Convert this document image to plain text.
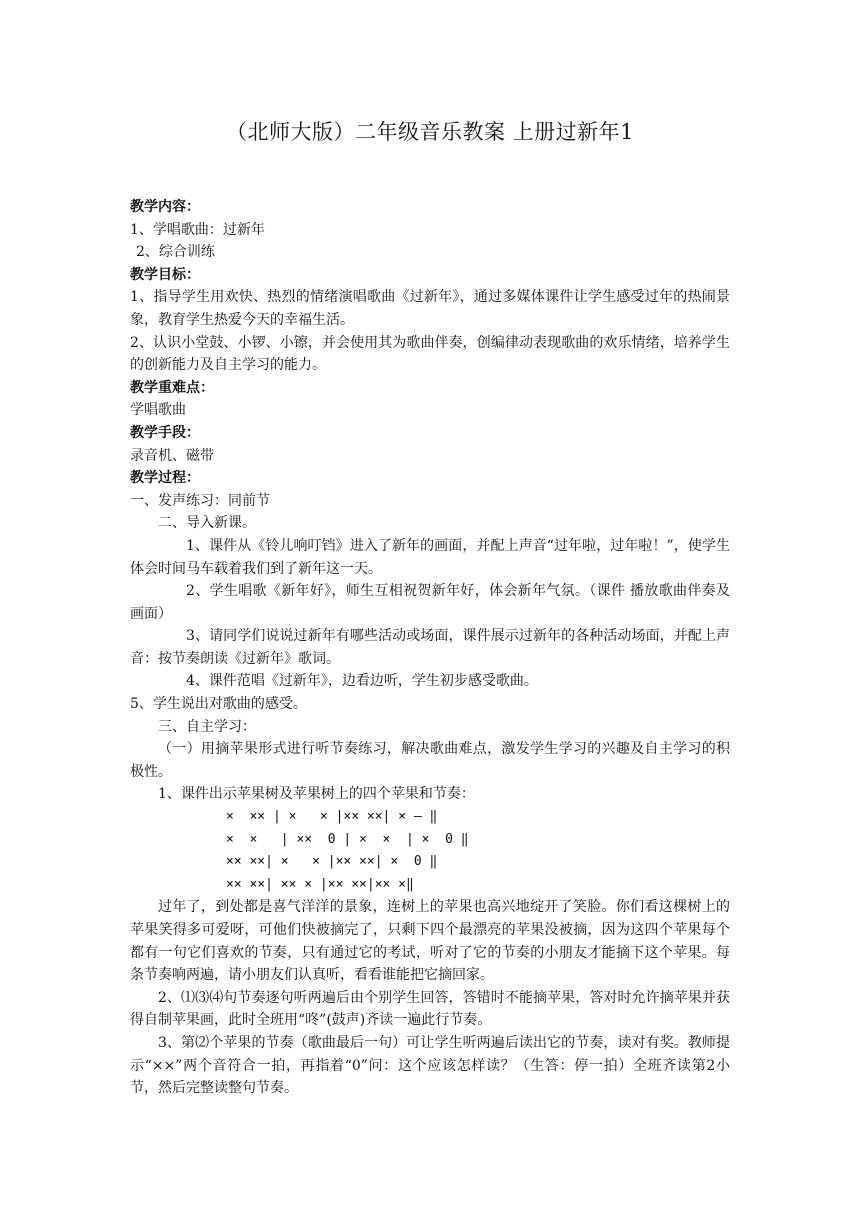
（北师大版）二年级音乐教案 上册过新年1
教学内容：
1、学唱歌曲：过新年
2、综合训练
教学目标：
1、指导学生用欢快、热烈的情绪演唱歌曲《过新年》，通过多媒体课件让学生感受过年的热闹景象，教育学生热爱今天的幸福生活。
2、认识小堂鼓、小锣、小镲，并会使用其为歌曲伴奏，创编律动表现歌曲的欢乐情绪，培养学生的创新能力及自主学习的能力。
教学重难点：
学唱歌曲
教学手段：
录音机、磁带
教学过程：
一、发声练习：同前节
二、导入新课。
1、课件从《铃儿响叮铛》进入了新年的画面，并配上声音“过年啦，过年啦！”，使学生体会时间马车载着我们到了新年这一天。
2、学生唱歌《新年好》，师生互相祝贺新年好，体会新年气氛。（课件 播放歌曲伴奏及画面）
3、请同学们说说过新年有哪些活动或场面，课件展示过新年的各种活动场面，并配上声音：按节奏朗读《过新年》歌词。
4、课件范唱《过新年》，边看边听，学生初步感受歌曲。
5、学生说出对歌曲的感受。
三、自主学习：
（一）用摘苹果形式进行听节奏练习，解决歌曲难点，激发学生学习的兴趣及自主学习的积极性。
1、课件出示苹果树及苹果树上的四个苹果和节奏：
×  ×× | ×   × |×× ××| × — ‖
×  ×   | ××  0 | ×  ×  | ×  0 ‖
×× ××| ×   × |×× ××| ×  0 ‖
×× ××| ×× × |×× ××|×× ×‖
过年了，到处都是喜气洋洋的景象，连树上的苹果也高兴地绽开了笑脸。你们看这棵树上的苹果笑得多可爱呀，可他们快被摘完了，只剩下四个最漂亮的苹果没被摘，因为这四个苹果每个都有一句它们喜欢的节奏，只有通过它的考试，听对了它的节奏的小朋友才能摘下这个苹果。每条节奏响两遍，请小朋友们认真听，看看谁能把它摘回家。
2、⑴⑶⑷句节奏逐句听两遍后由个别学生回答，答错时不能摘苹果，答对时允许摘苹果并获得自制苹果画，此时全班用“咚”(鼓声)齐读一遍此行节奏。
3、第⑵个苹果的节奏（歌曲最后一句）可让学生听两遍后读出它的节奏，读对有奖。教师提示“××”两个音符合一拍，再指着“0”问：这个应该怎样读？（生答：停一拍）全班齐读第2小节，然后完整读整句节奏。
